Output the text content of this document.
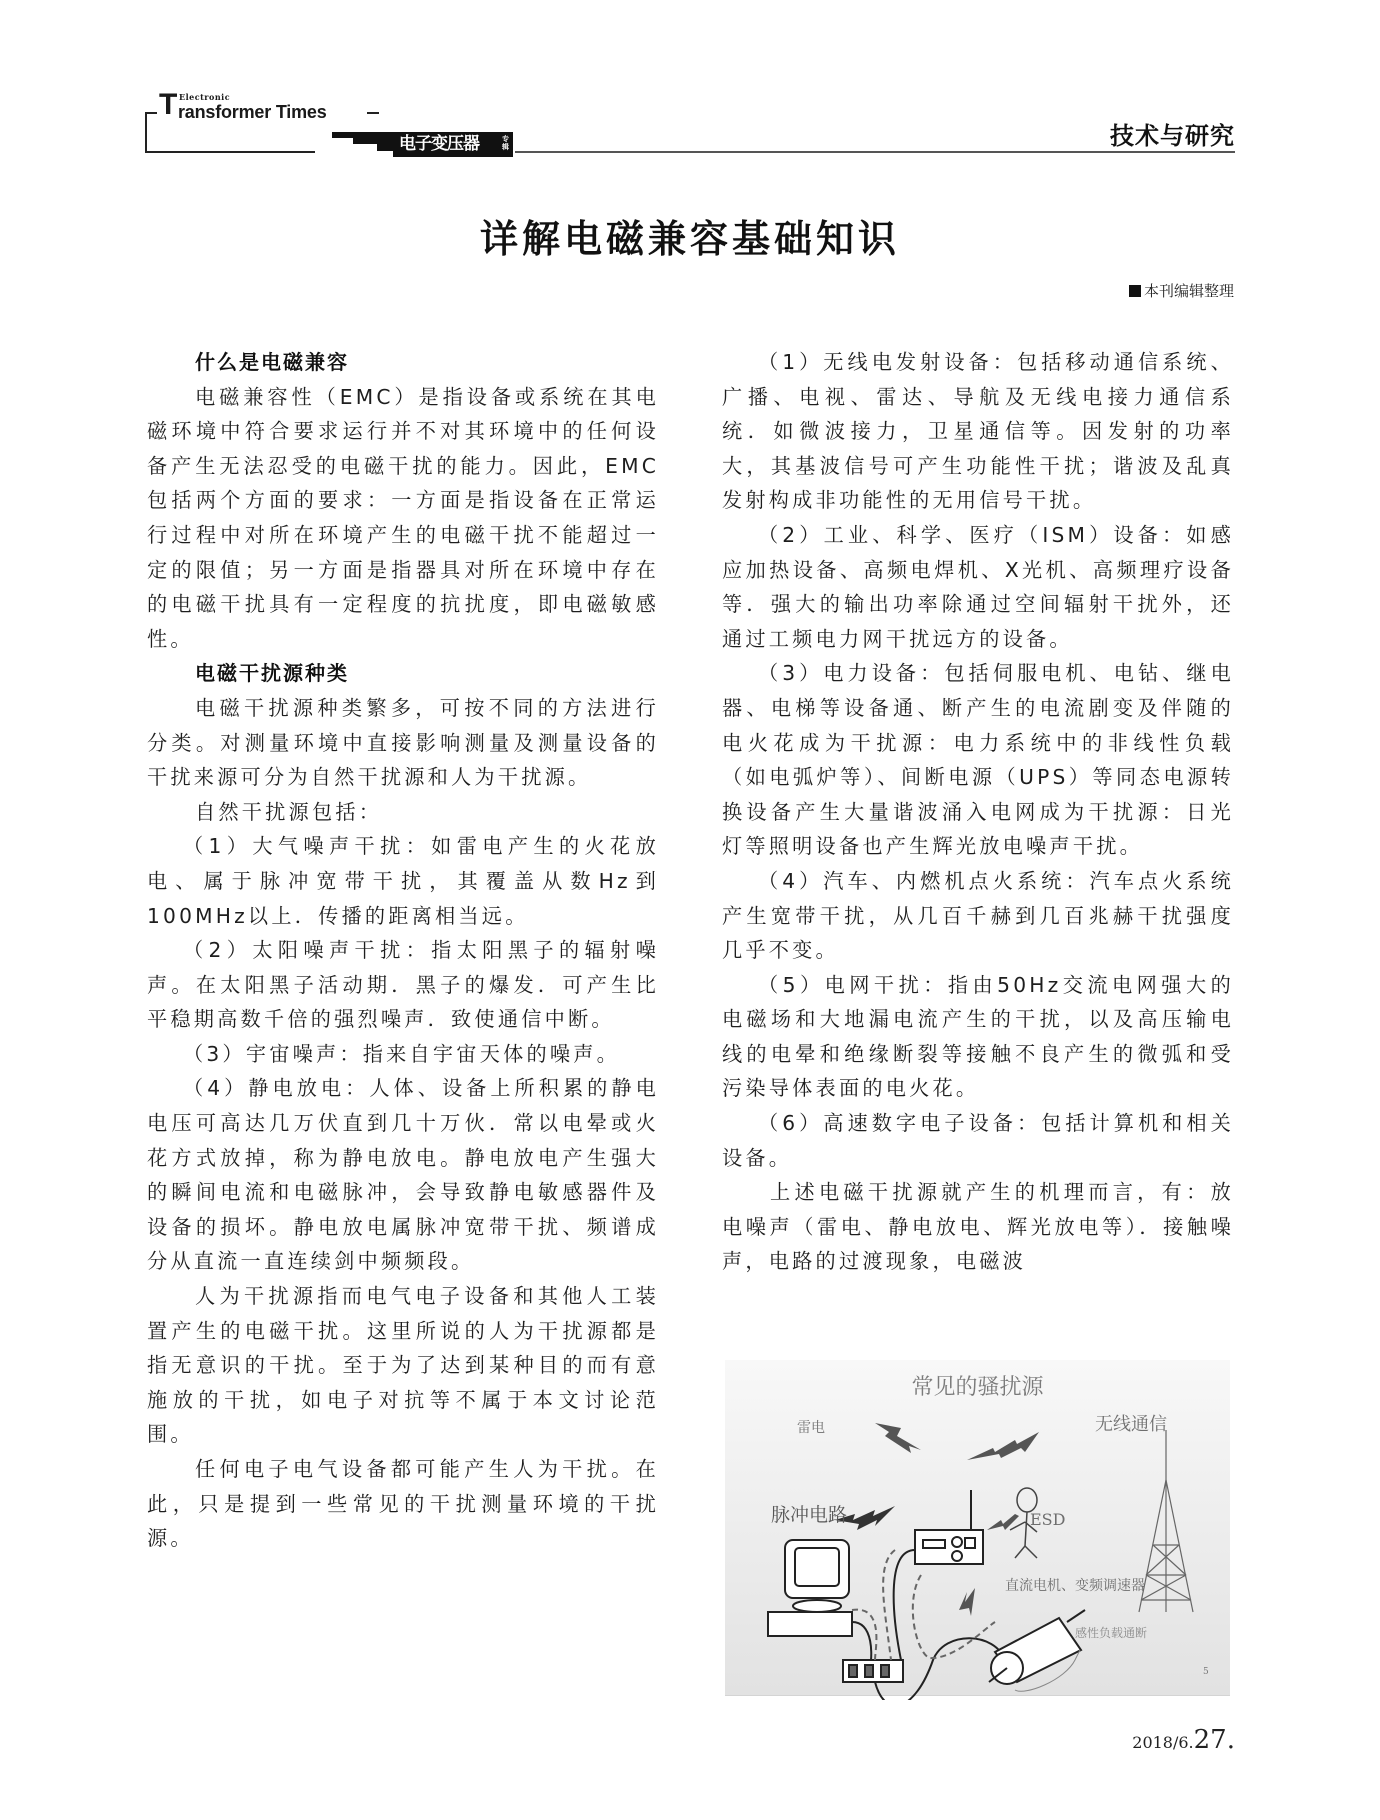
T Electronic
ransformer Times
电子变压器	专辑	技术与研究
详解电磁兼容基础知识
本刊编辑整理
什么是电磁兼容

电磁兼容性（EMC）是指设备或系统在其电磁环境中符合要求运行并不对其环境中的任何设备产生无法忍受的电磁干扰的能力。因此，EMC包括两个方面的要求：一方面是指设备在正常运行过程中对所在环境产生的电磁干扰不能超过一定的限值；另一方面是指器具对所在环境中存在的电磁干扰具有一定程度的抗扰度，即电磁敏感性。

电磁干扰源种类

电磁干扰源种类繁多，可按不同的方法进行分类。对测量环境中直接影响测量及测量设备的干扰来源可分为自然干扰源和人为干扰源。

自然干扰源包括：

（1）大气噪声干扰：如雷电产生的火花放电、属于脉冲宽带干扰，其覆盖从数Hz到100MHz以上．传播的距离相当远。

（2）太阳噪声干扰：指太阳黑子的辐射噪声。在太阳黑子活动期．黑子的爆发．可产生比平稳期高数千倍的强烈噪声．致使通信中断。

（3）宇宙噪声：指来自宇宙天体的噪声。

（4）静电放电：人体、设备上所积累的静电电压可高达几万伏直到几十万伙．常以电晕或火花方式放掉，称为静电放电。静电放电产生强大的瞬间电流和电磁脉冲，会导致静电敏感器件及设备的损坏。静电放电属脉冲宽带干扰、频谱成分从直流一直连续剑中频频段。

人为干扰源指而电气电子设备和其他人工装置产生的电磁干扰。这里所说的人为干扰源都是指无意识的干扰。至于为了达到某种目的而有意施放的干扰，如电子对抗等不属于本文讨论范围。

任何电子电气设备都可能产生人为干扰。在此，只是提到一些常见的干扰测量环境的干扰源。

（1）无线电发射设备：包括移动通信系统、广播、电视、雷达、导航及无线电接力通信系统．如微波接力，卫星通信等。因发射的功率大，其基波信号可产生功能性干扰；谐波及乱真发射构成非功能性的无用信号干扰。

（2）工业、科学、医疗（ISM）设备：如感应加热设备、高频电焊机、X光机、高频理疗设备等．强大的输出功率除通过空间辐射干扰外，还通过工频电力网干扰远方的设备。

（3）电力设备：包括伺服电机、电钻、继电器、电梯等设备通、断产生的电流剧变及伴随的电火花成为干扰源：电力系统中的非线性负载（如电弧炉等）、间断电源（UPS）等同态电源转换设备产生大量谐波涌入电网成为干扰源：日光灯等照明设备也产生辉光放电噪声干扰。

（4）汽车、内燃机点火系统：汽车点火系统产生宽带干扰，从几百千赫到几百兆赫干扰强度几乎不变。

（5）电网干扰：指由50Hz交流电网强大的电磁场和大地漏电流产生的干扰，以及高压输电线的电晕和绝缘断裂等接触不良产生的微弧和受污染导体表面的电火花。

（6）高速数字电子设备：包括计算机和相关设备。

上述电磁干扰源就产生的机理而言，有：放电噪声（雷电、静电放电、辉光放电等）．接触噪声，电路的过渡现象，电磁波

常见的骚扰源
雷电	无线通信
脉冲电路	ESD
直流电机、变频调速器
感性负载通断
5
2018/6.27.
